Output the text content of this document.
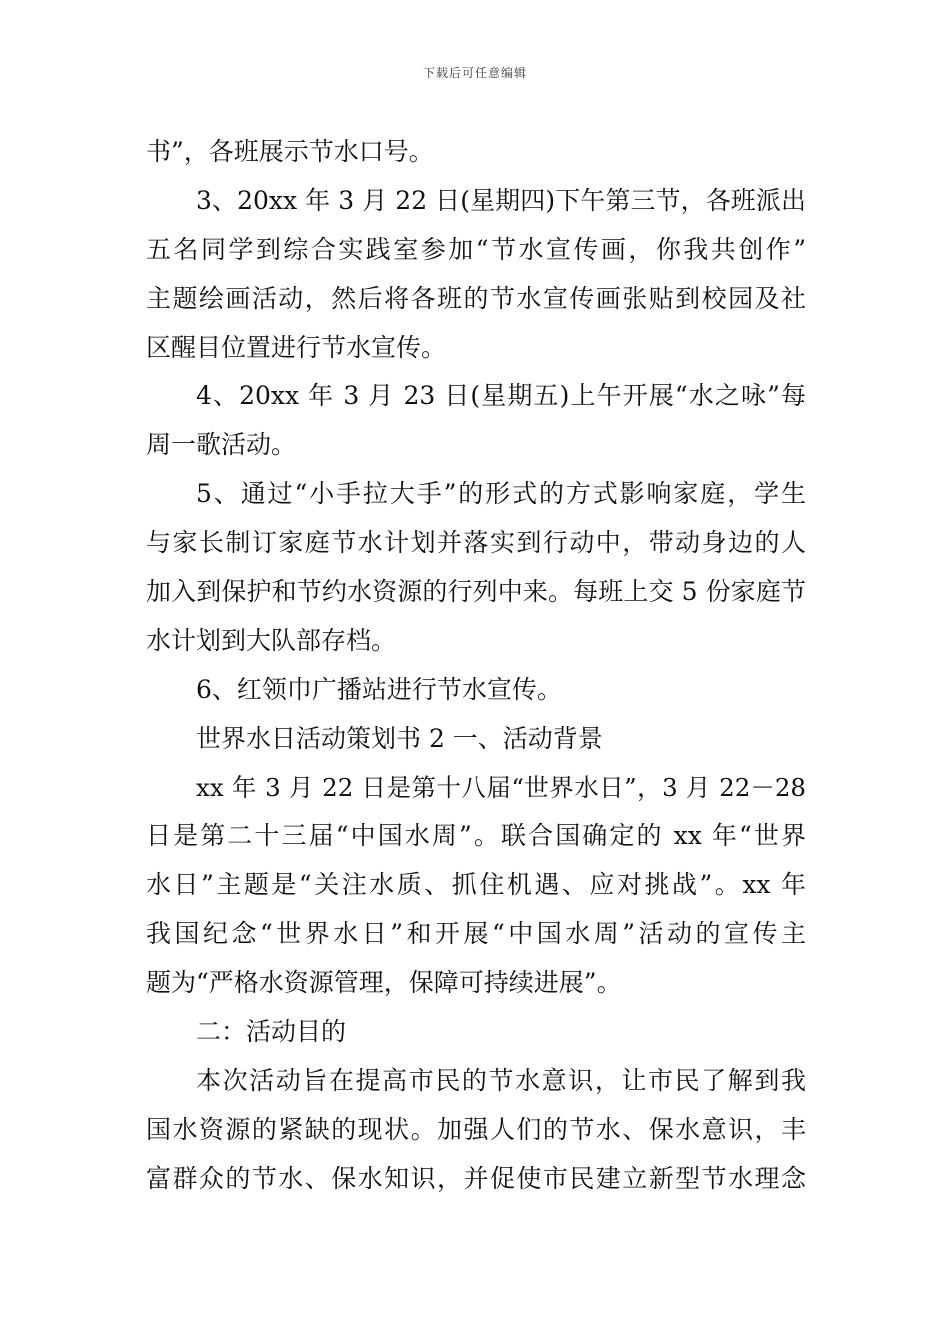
下载后可任意编辑
书”，各班展示节水口号。
3、20xx 年 3 月 22 日(星期四)下午第三节，各班派出
五名同学到综合实践室参加“节水宣传画，你我共创作”
主题绘画活动，然后将各班的节水宣传画张贴到校园及社
区醒目位置进行节水宣传。
4、20xx 年 3 月 23 日(星期五)上午开展“水之咏”每
周一歌活动。
5、通过“小手拉大手”的形式的方式影响家庭，学生
与家长制订家庭节水计划并落实到行动中，带动身边的人
加入到保护和节约水资源的行列中来。每班上交 5 份家庭节
水计划到大队部存档。
6、红领巾广播站进行节水宣传。
世界水日活动策划书 2 一、活动背景
xx 年 3 月 22 日是第十八届“世界水日”，3 月 22－28
日是第二十三届“中国水周”。联合国确定的 xx 年“世界
水日”主题是“关注水质、抓住机遇、应对挑战”。xx 年
我国纪念“世界水日”和开展“中国水周”活动的宣传主
题为“严格水资源管理，保障可持续进展”。
二：活动目的
本次活动旨在提高市民的节水意识，让市民了解到我
国水资源的紧缺的现状。加强人们的节水、保水意识，丰
富群众的节水、保水知识，并促使市民建立新型节水理念
